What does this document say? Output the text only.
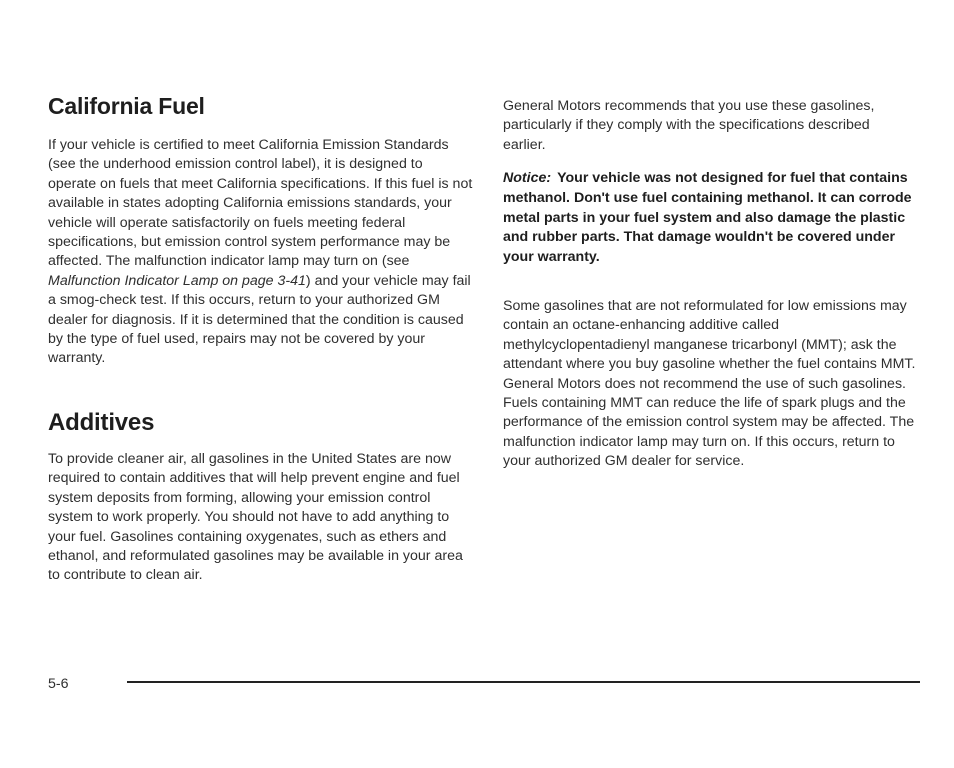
California Fuel

If your vehicle is certified to meet California Emission Standards (see the underhood emission control label), it is designed to operate on fuels that meet California specifications. If this fuel is not available in states adopting California emissions standards, your vehicle will operate satisfactorily on fuels meeting federal specifications, but emission control system performance may be affected. The malfunction indicator lamp may turn on (see Malfunction Indicator Lamp on page 3-41) and your vehicle may fail a smog-check test. If this occurs, return to your authorized GM dealer for diagnosis. If it is determined that the condition is caused by the type of fuel used, repairs may not be covered by your warranty.

Additives

To provide cleaner air, all gasolines in the United States are now required to contain additives that will help prevent engine and fuel system deposits from forming, allowing your emission control system to work properly. You should not have to add anything to your fuel. Gasolines containing oxygenates, such as ethers and ethanol, and reformulated gasolines may be available in your area to contribute to clean air.

General Motors recommends that you use these gasolines, particularly if they comply with the specifications described earlier.

Notice: Your vehicle was not designed for fuel that contains methanol. Don't use fuel containing methanol. It can corrode metal parts in your fuel system and also damage the plastic and rubber parts. That damage wouldn't be covered under your warranty.

Some gasolines that are not reformulated for low emissions may contain an octane-enhancing additive called methylcyclopentadienyl manganese tricarbonyl (MMT); ask the attendant where you buy gasoline whether the fuel contains MMT. General Motors does not recommend the use of such gasolines. Fuels containing MMT can reduce the life of spark plugs and the performance of the emission control system may be affected. The malfunction indicator lamp may turn on. If this occurs, return to your authorized GM dealer for service.

5-6
